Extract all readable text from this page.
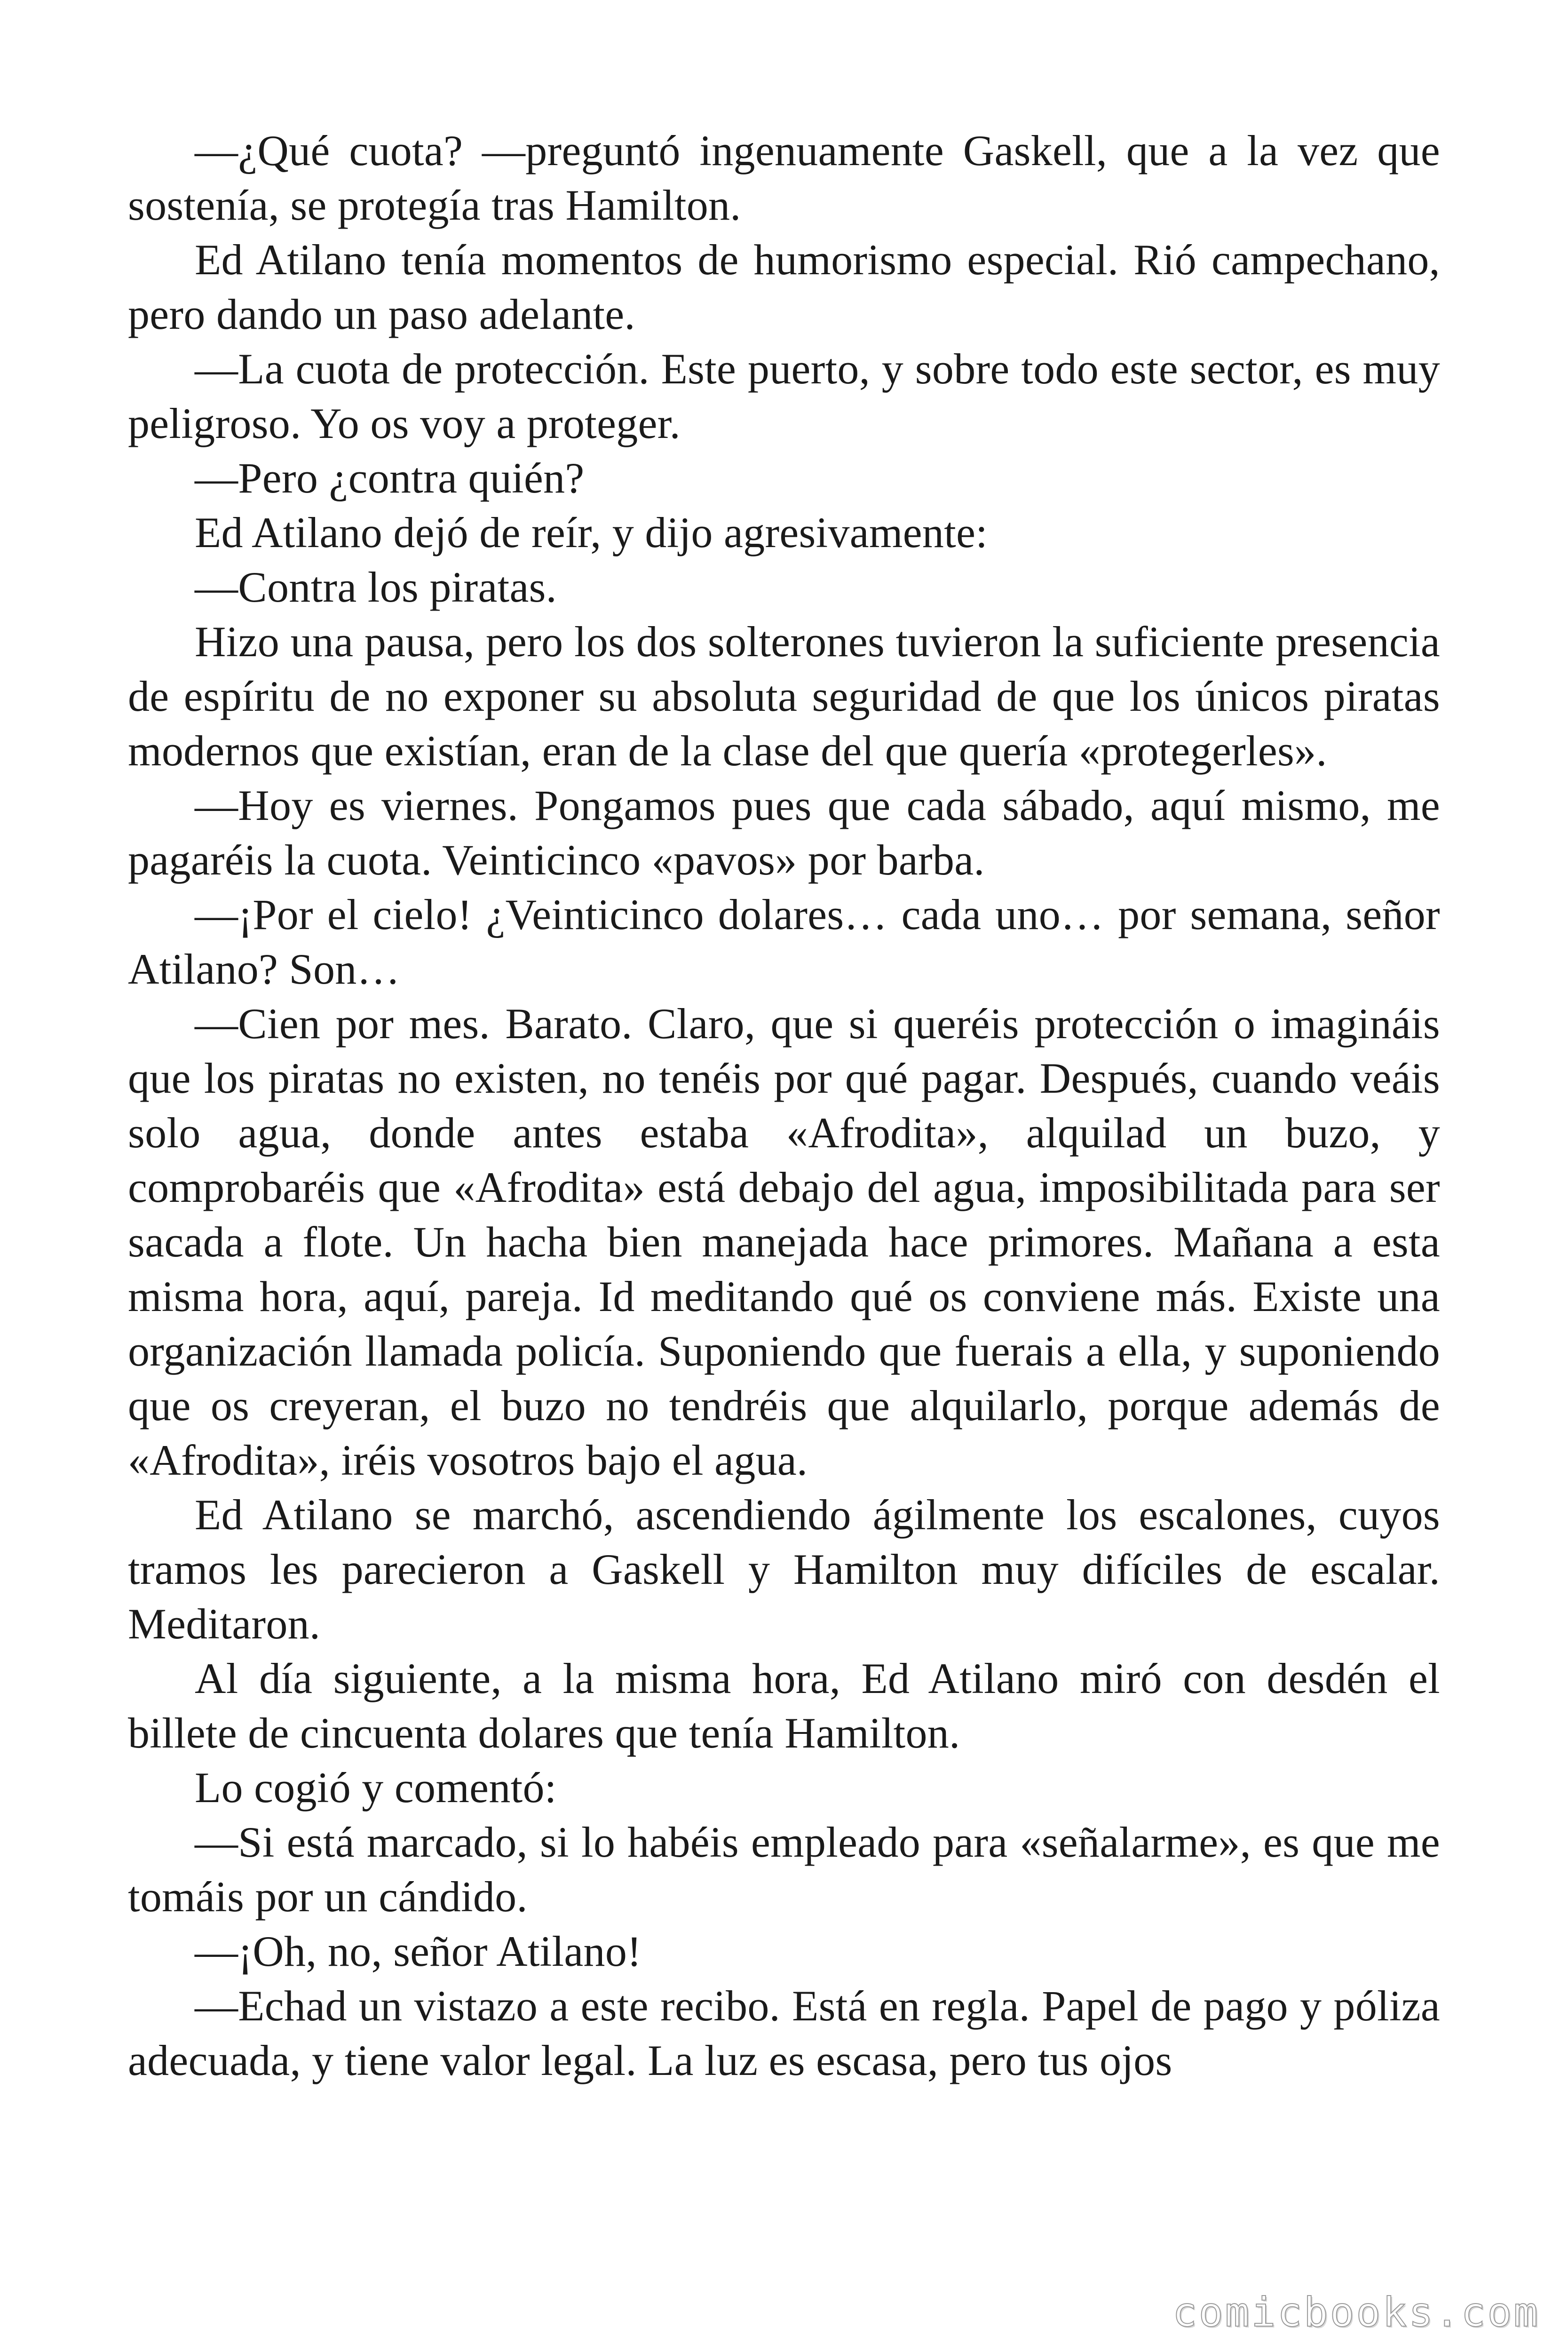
—¿Qué cuota? —preguntó ingenuamente Gaskell, que a la vez que sostenía, se protegía tras Hamilton.

Ed Atilano tenía momentos de humorismo especial. Rió campechano, pero dando un paso adelante.

—La cuota de protección. Este puerto, y sobre todo este sector, es muy peligroso. Yo os voy a proteger.

—Pero ¿contra quién?

Ed Atilano dejó de reír, y dijo agresivamente:

—Contra los piratas.

Hizo una pausa, pero los dos solterones tuvieron la suficiente presencia de espíritu de no exponer su absoluta seguridad de que los únicos piratas modernos que existían, eran de la clase del que quería «protegerles».

—Hoy es viernes. Pongamos pues que cada sábado, aquí mismo, me pagaréis la cuota. Veinticinco «pavos» por barba.

—¡Por el cielo! ¿Veinticinco dolares… cada uno… por semana, señor Atilano? Son…

—Cien por mes. Barato. Claro, que si queréis protección o imagináis que los piratas no existen, no tenéis por qué pagar. Después, cuando veáis solo agua, donde antes estaba «Afrodita», alquilad un buzo, y comprobaréis que «Afrodita» está debajo del agua, imposibilitada para ser sacada a flote. Un hacha bien manejada hace primores. Mañana a esta misma hora, aquí, pareja. Id meditando qué os conviene más. Existe una organización llamada policía. Suponiendo que fuerais a ella, y suponiendo que os creyeran, el buzo no tendréis que alquilarlo, porque además de «Afrodita», iréis vosotros bajo el agua.

Ed Atilano se marchó, ascendiendo ágilmente los escalones, cuyos tramos les parecieron a Gaskell y Hamilton muy difíciles de escalar. Meditaron.

Al día siguiente, a la misma hora, Ed Atilano miró con desdén el billete de cincuenta dolares que tenía Hamilton.

Lo cogió y comentó:

—Si está marcado, si lo habéis empleado para «señalarme», es que me tomáis por un cándido.

—¡Oh, no, señor Atilano!

—Echad un vistazo a este recibo. Está en regla. Papel de pago y póliza adecuada, y tiene valor legal. La luz es escasa, pero tus ojos

comicbooks.com
